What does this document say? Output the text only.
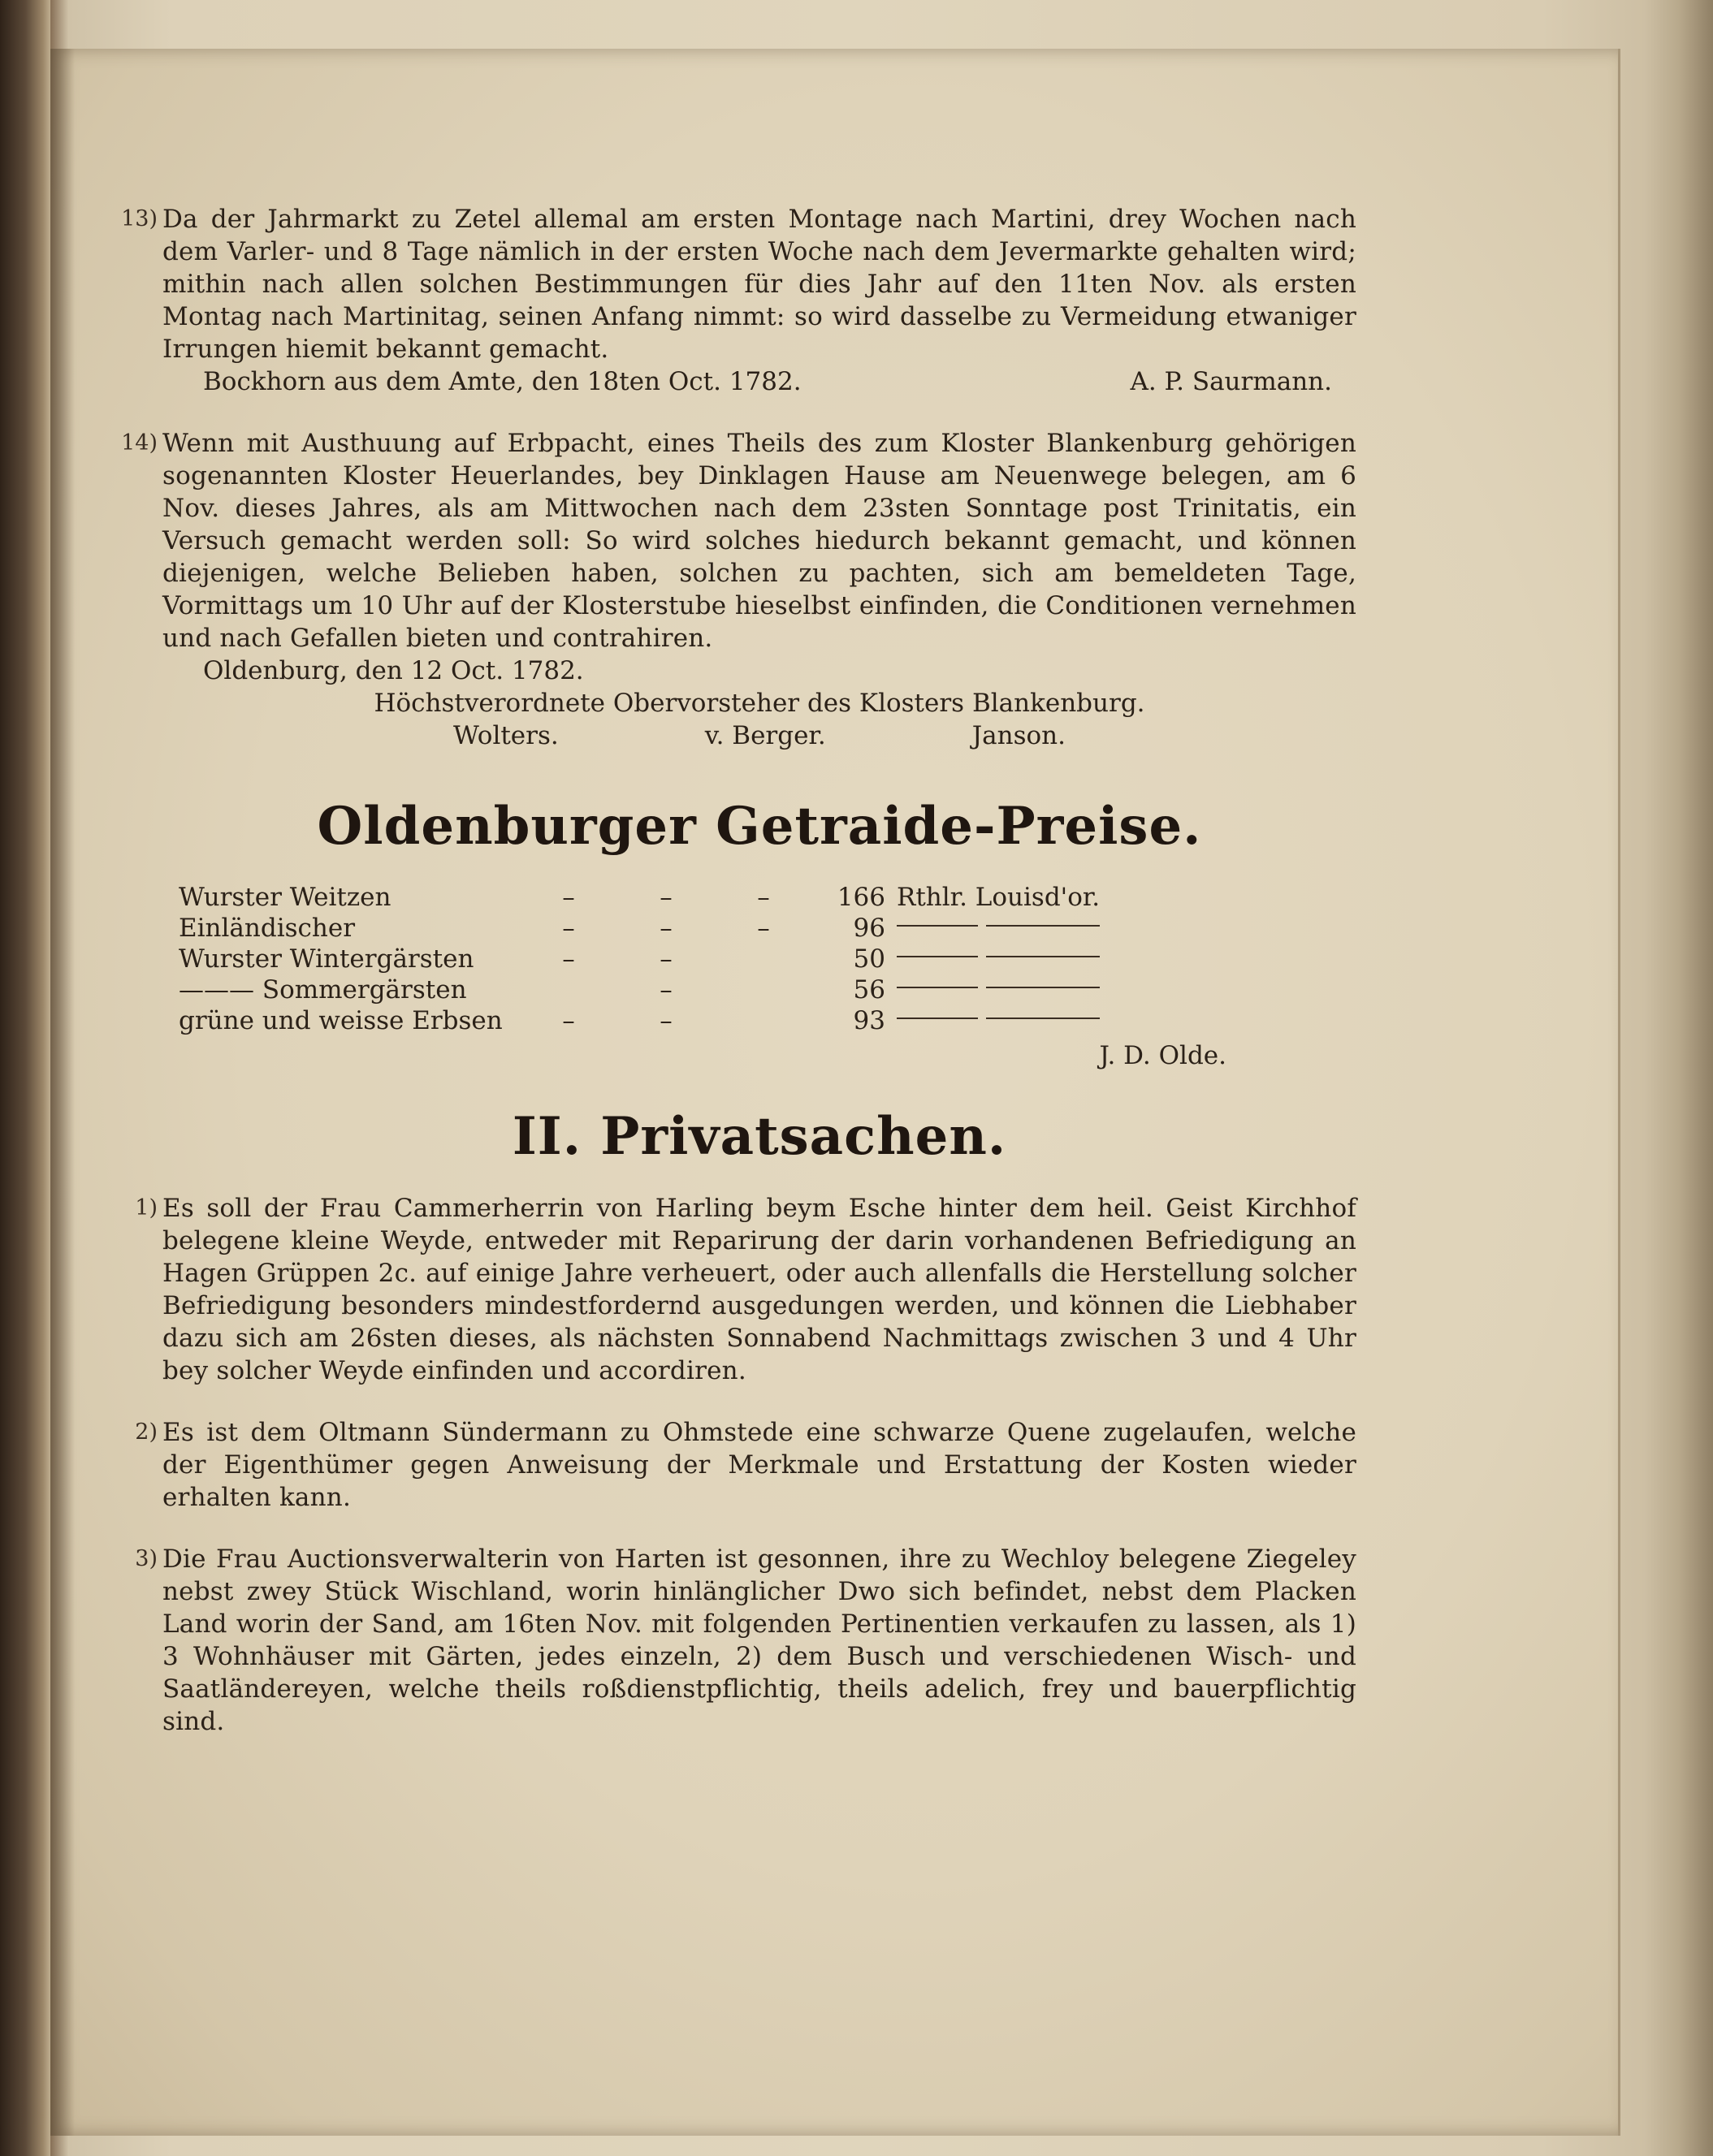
13) Da der Jahrmarkt zu Zetel allemal am ersten Montage nach Martini, drey Wochen nach dem Varler- und 8 Tage nämlich in der ersten Woche nach dem Jevermarkte gehalten wird; mithin nach allen solchen Bestimmungen für dies Jahr auf den 11ten Nov. als ersten Montag nach Martinitag, seinen Anfang nimmt: so wird dasselbe zu Vermeidung etwaniger Irrungen hiemit bekannt gemacht.
Bockhorn aus dem Amte, den 18ten Oct. 1782.	A. P. Saurmann.
14) Wenn mit Austhuung auf Erbpacht, eines Theils des zum Kloster Blankenburg gehörigen sogenannten Kloster Heuerlandes, bey Dinklagen Hause am Neuenwege belegen, am 6 Nov. dieses Jahres, als am Mittwochen nach dem 23sten Sonntage post Trinitatis, ein Versuch gemacht werden soll: So wird solches hiedurch bekannt gemacht, und können diejenigen, welche Belieben haben, solchen zu pachten, sich am bemeldeten Tage, Vormittags um 10 Uhr auf der Klosterstube hieselbst einfinden, die Conditionen vernehmen und nach Gefallen bieten und contrahiren.
Oldenburg, den 12 Oct. 1782.
Höchstverordnete Obervorsteher des Klosters Blankenburg.
Wolters.	v. Berger.	Janson.
Oldenburger Getraide-Preise.
Wurster Weitzen	–	–	–	166	Rthlr. Louisd'or.
Einländischer	–	–	–	96	
Wurster Wintergärsten	–	–		50	
——— Sommergärsten		–		56	
grüne und weisse Erbsen	–	–		93	
J. D. Olde.
II. Privatsachen.
1) Es soll der Frau Cammerherrin von Harling beym Esche hinter dem heil. Geist Kirchhof belegene kleine Weyde, entweder mit Reparirung der darin vorhandenen Befriedigung an Hagen Grüppen 2c. auf einige Jahre verheuert, oder auch allenfalls die Herstellung solcher Befriedigung besonders mindestfordernd ausgedungen werden, und können die Liebhaber dazu sich am 26sten dieses, als nächsten Sonnabend Nachmittags zwischen 3 und 4 Uhr bey solcher Weyde einfinden und accordiren.
2) Es ist dem Oltmann Sündermann zu Ohmstede eine schwarze Quene zugelaufen, welche der Eigenthümer gegen Anweisung der Merkmale und Erstattung der Kosten wieder erhalten kann.
3) Die Frau Auctionsverwalterin von Harten ist gesonnen, ihre zu Wechloy belegene Ziegeley nebst zwey Stück Wischland, worin hinlänglicher Dwo sich befindet, nebst dem Placken Land worin der Sand, am 16ten Nov. mit folgenden Pertinentien verkaufen zu lassen, als 1) 3 Wohnhäuser mit Gärten, jedes einzeln, 2) dem Busch und verschiedenen Wisch- und Saatländereyen, welche theils roßdienstpflichtig, theils adelich, frey und bauerpflichtig sind.
